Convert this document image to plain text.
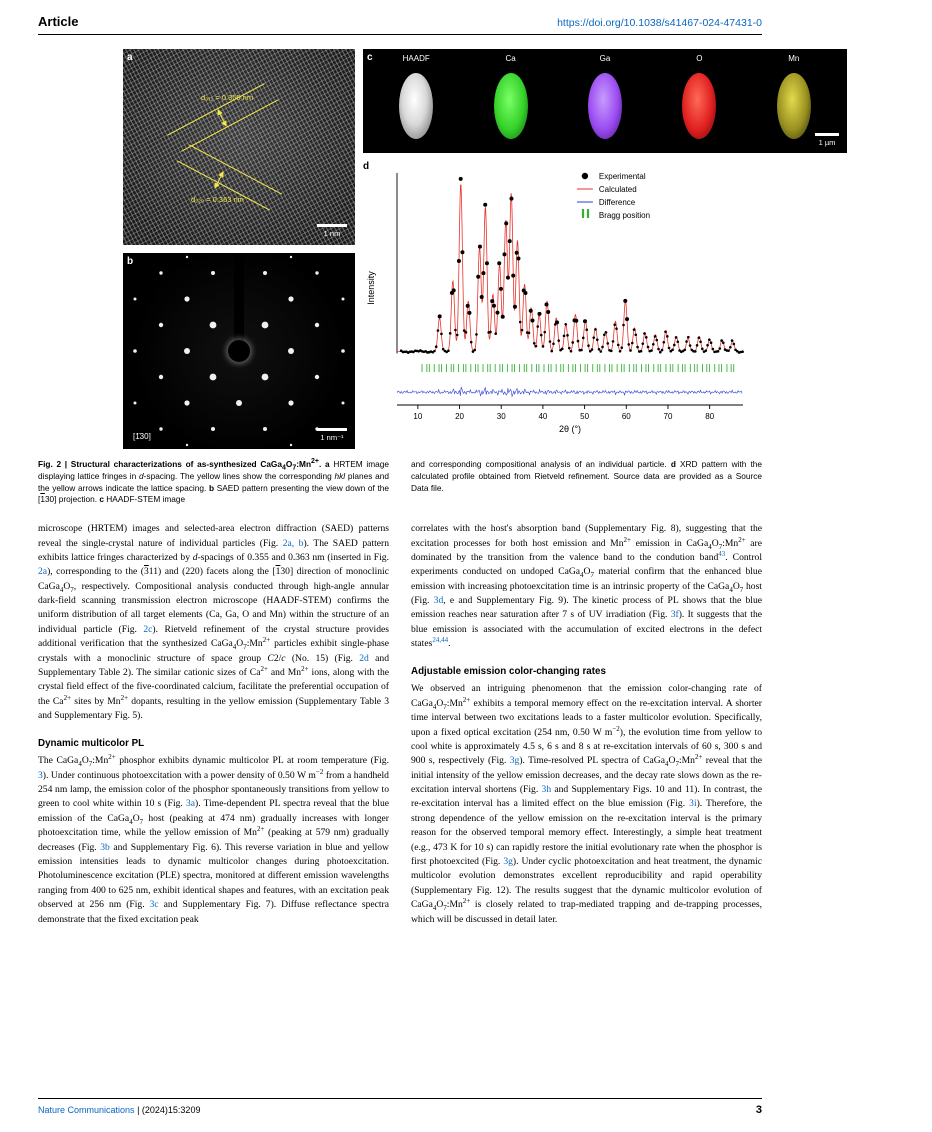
Article	https://doi.org/10.1038/s41467-024-47431-0
a
d₃₁₁ = 0.355 nm
d₂₂₀ = 0.363 nm
1 nm
b
[1̄30]	1 nm⁻¹
c	HAADF	Ca	Ga	O	Mn
1 µm
d
10	20	30	40	50	60	70	80
2θ (°)
Intensity
Experimental
Calculated
Difference
Bragg position
Fig. 2 | Structural characterizations of as-synthesized $CaGa_4O_7:Mn^{2+}$. a HRTEM image displaying lattice fringes in d-spacing. The yellow lines show the corresponding hkl planes and the yellow arrows indicate the lattice spacing. b SAED pattern presenting the view down of the [130] projection. c HAADF-STEM image
and corresponding compositional analysis of an individual particle. d XRD pattern with the calculated profile obtained from Rietveld refinement. Source data are provided as a Source Data file.

microscope (HRTEM) images and selected-area electron diffraction (SAED) patterns reveal the single-crystal nature of individual particles (Fig. 2a, b). The SAED pattern exhibits lattice fringes characterized by d-spacings of 0.355 and 0.363 nm (inserted in Fig. 2a), corresponding to the (311) and (220) facets along the [130] direction of monoclinic $CaGa_4O_7$, respectively. Compositional analysis conducted through high-angle annular dark-field scanning transmission electron microscope (HAADF-STEM) confirms the uniform distribution of all target elements (Ca, Ga, O and Mn) within the structure of an individual particle (Fig. 2c). Rietveld refinement of the crystal structure provides additional verification that the synthesized $CaGa_4O_7:Mn^{2+}$ particles exhibit single-phase crystals with a monoclinic structure of space group C2/c (No. 15) (Fig. 2d and Supplementary Table 2). The similar cationic sizes of $Ca^{2+}$ and $Mn^{2+}$ ions, along with the crystal field effect of the five-coordinated calcium, facilitate the preferential occupation of the $Ca^{2+}$ sites by $Mn^{2+}$ dopants, resulting in the yellow emission (Supplementary Table 3 and Supplementary Fig. 5).

Dynamic multicolor PL

The $CaGa_4O_7:Mn^{2+}$ phosphor exhibits dynamic multicolor PL at room temperature (Fig. 3). Under continuous photoexcitation with a power density of 0.50 W $m^{-2}$ from a handheld 254 nm lamp, the emission color of the phosphor spontaneously transitions from yellow to green to cool white within 10 s (Fig. 3a). Time-dependent PL spectra reveal that the blue emission of the $CaGa_4O_7$ host (peaking at 474 nm) gradually increases with longer photoexcitation time, while the yellow emission of $Mn^{2+}$ (peaking at 579 nm) gradually decreases (Fig. 3b and Supplementary Fig. 6). This reverse variation in blue and yellow emission intensities leads to dynamic multicolor changes during photoexcitation. Photoluminescence excitation (PLE) spectra, monitored at different emission wavelengths ranging from 400 to 625 nm, exhibit identical shapes and features, with an excitation peak observed at 256 nm (Fig. 3c and Supplementary Fig. 7). Diffuse reflectance spectra demonstrate that the fixed excitation peak

correlates with the host's absorption band (Supplementary Fig. 8), suggesting that the excitation processes for both host emission and $Mn^{2+}$ emission in $CaGa_4O_7:Mn^{2+}$ are dominated by the transition from the valence band to the condution band$^{43}$. Control experiments conducted on undoped $CaGa_4O_7$ material confirm that the enhanced blue emission with increasing photoexcitation time is an intrinsic property of the $CaGa_4O_7$ host (Fig. 3d, e and Supplementary Fig. 9). The kinetic process of PL shows that the blue emission reaches near saturation after 7 s of UV irradiation (Fig. 3f). It suggests that the blue emission is associated with the accumulation of excited electrons in the defect states$^{24,44}$.

Adjustable emission color-changing rates

We observed an intriguing phenomenon that the emission color-changing rate of $CaGa_4O_7:Mn^{2+}$ exhibits a temporal memory effect on the re-excitation interval. A shorter time interval between two excitations leads to a faster multicolor evolution. Specifically, upon a fixed optical excitation (254 nm, 0.50 W $m^{-2}$), the evolution time from yellow to cool white is approximately 4.5 s, 6 s and 8 s at re-excitation intervals of 60 s, 300 s and 900 s, respectively (Fig. 3g). Time-resolved PL spectra of $CaGa_4O_7:Mn^{2+}$ reveal that the initial intensity of the yellow emission decreases, and the decay rate slows down as the re-excitation interval shortens (Fig. 3h and Supplementary Figs. 10 and 11). In contrast, the re-excitation interval has a limited effect on the blue emission (Fig. 3i). Therefore, the strong dependence of the yellow emission on the re-excitation interval is the primary reason for the observed temporal memory effect. Interestingly, a simple heat treatment (e.g., 473 K for 10 s) can rapidly restore the initial evolutionary rate when the phosphor is first photoexcited (Fig. 3g). Under cyclic photoexcitation and heat treatment, the dynamic multicolor evolution demonstrates excellent reproducibility and rapid operability (Supplementary Fig. 12). The results suggest that the dynamic multicolor evolution of $CaGa_4O_7:Mn^{2+}$ is closely related to trap-mediated trapping and de-trapping processes, which will be discussed in detail later.

Nature Communications | (2024)15:3209	3
